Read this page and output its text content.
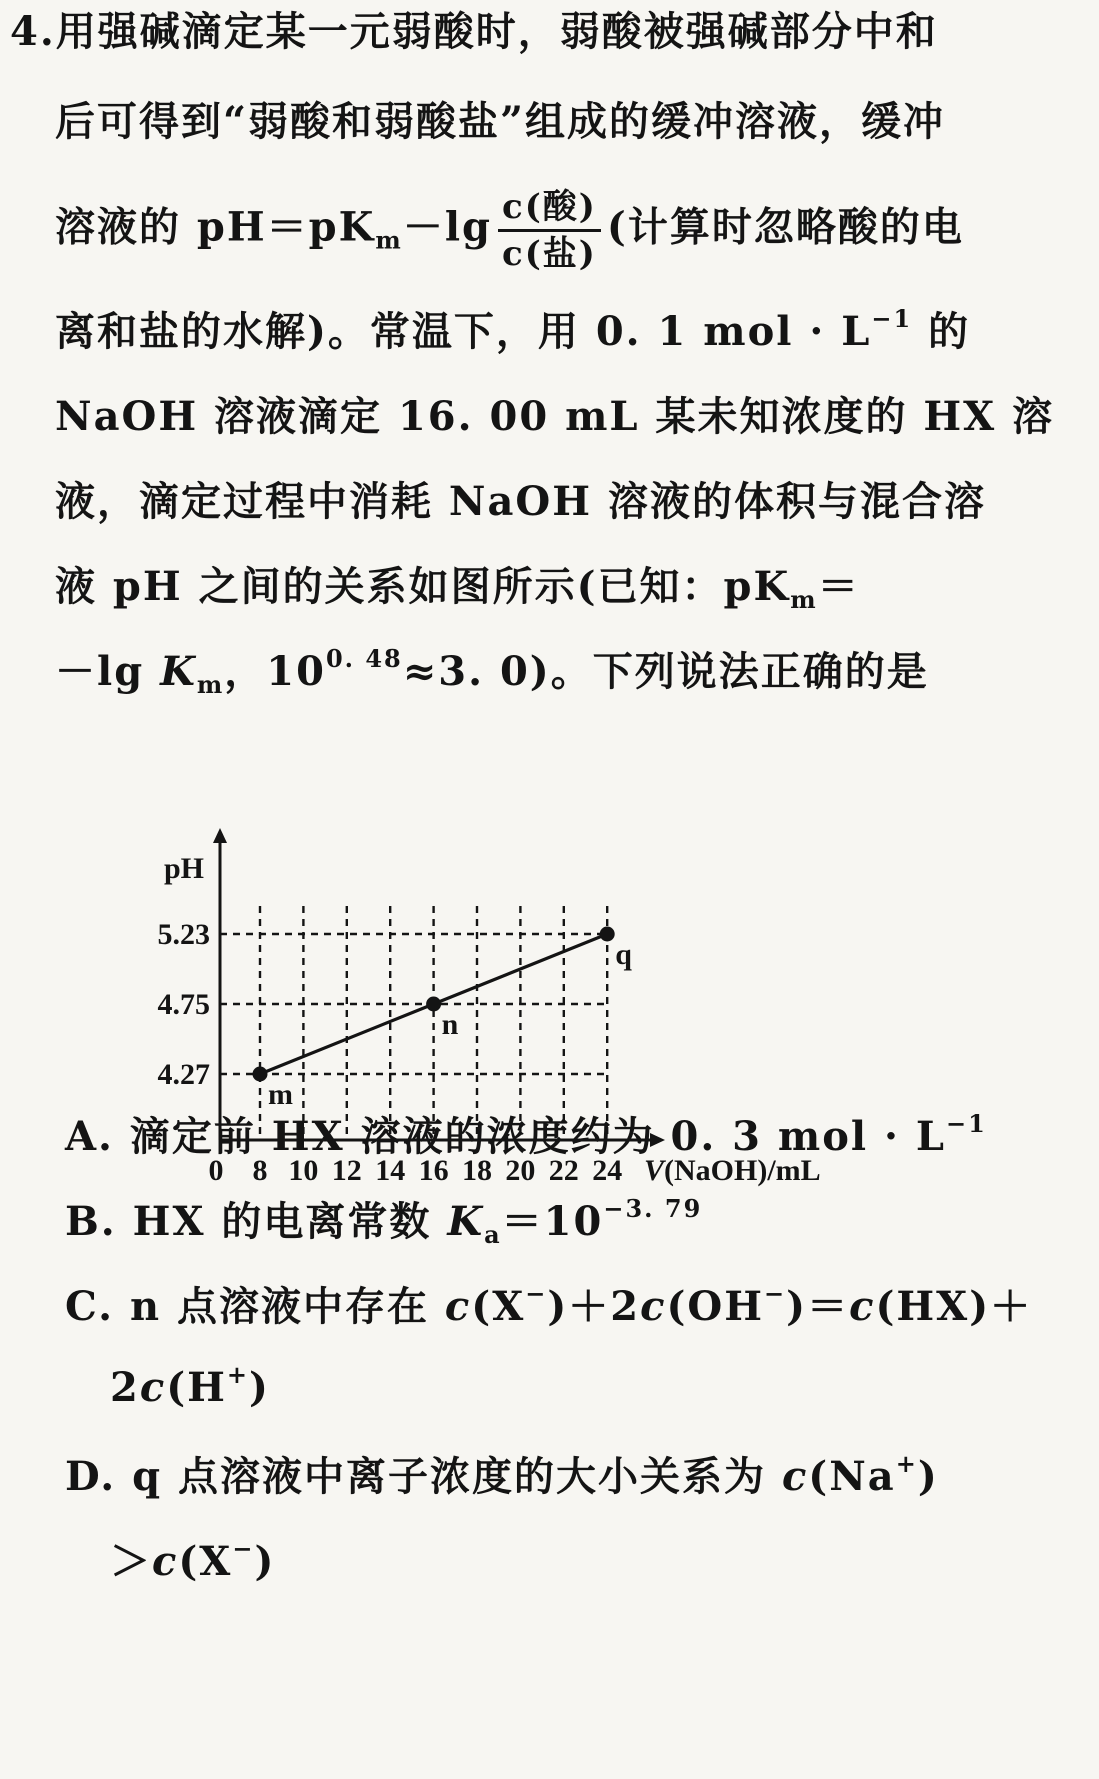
4.用强碱滴定某一元弱酸时，弱酸被强碱部分中和
后可得到“弱酸和弱酸盐”组成的缓冲溶液，缓冲
溶液的 $pH=pK_m-\lg \frac{\text{c(酸)}}{\text{c(盐)}}$ (计算时忽略酸的电
离和盐的水解)。常温下，用 0. 1 mol · $L^{-1}$ 的
NaOH 溶液滴定 16. 00 mL 某未知浓度的 HX 溶
液，滴定过程中消耗 NaOH 溶液的体积与混合溶
液 pH 之间的关系如图所示(已知：$pK_m=$
－lg $K_m$，$10^{0. 48}\approx 3$. 0)。下列说法正确的是
0 8 10 12 14 16 18 20 22 24
4.27
4.75
5.23
m
n
q
pH
V(NaOH)/mL
A. 滴定前 HX 溶液的浓度约为 0. 3 mol · $L^{-1}$
B. HX 的电离常数 $K_a=10^{-3. 79}$
C. n 点溶液中存在 c(X−)＋2c(OH−)＝c(HX)＋
2c(H+)
D. q 点溶液中离子浓度的大小关系为 c(Na+)
＞c(X−)
